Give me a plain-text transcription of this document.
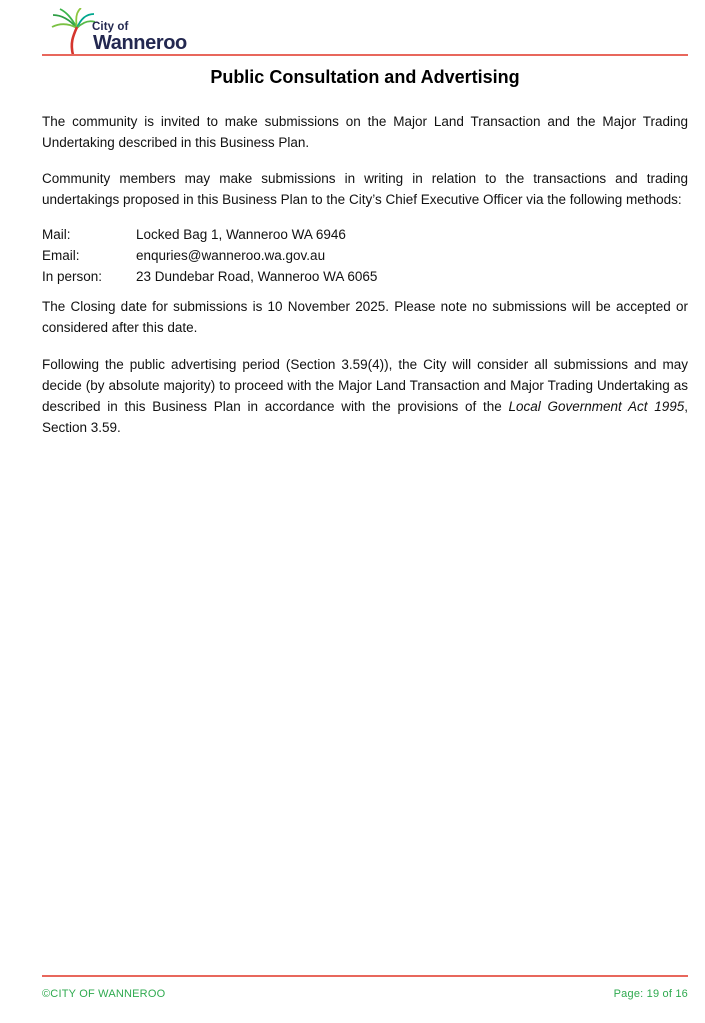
City of
Wanneroo
Public Consultation and Advertising

The community is invited to make submissions on the Major Land Transaction and the Major Trading Undertaking described in this Business Plan.

Community members may make submissions in writing in relation to the transactions and trading undertakings proposed in this Business Plan to the City’s Chief Executive Officer via the following methods:

Mail:	Locked Bag 1, Wanneroo WA 6946
Email:	enquries@wanneroo.wa.gov.au
In person:	23 Dundebar Road, Wanneroo WA 6065

The Closing date for submissions is 10 November 2025. Please note no submissions will be accepted or considered after this date.

Following the public advertising period (Section 3.59(4)), the City will consider all submissions and may decide (by absolute majority) to proceed with the Major Land Transaction and Major Trading Undertaking as described in this Business Plan in accordance with the provisions of the Local Government Act 1995, Section 3.59.

©CITY OF WANNEROO	Page: 19 of 16
